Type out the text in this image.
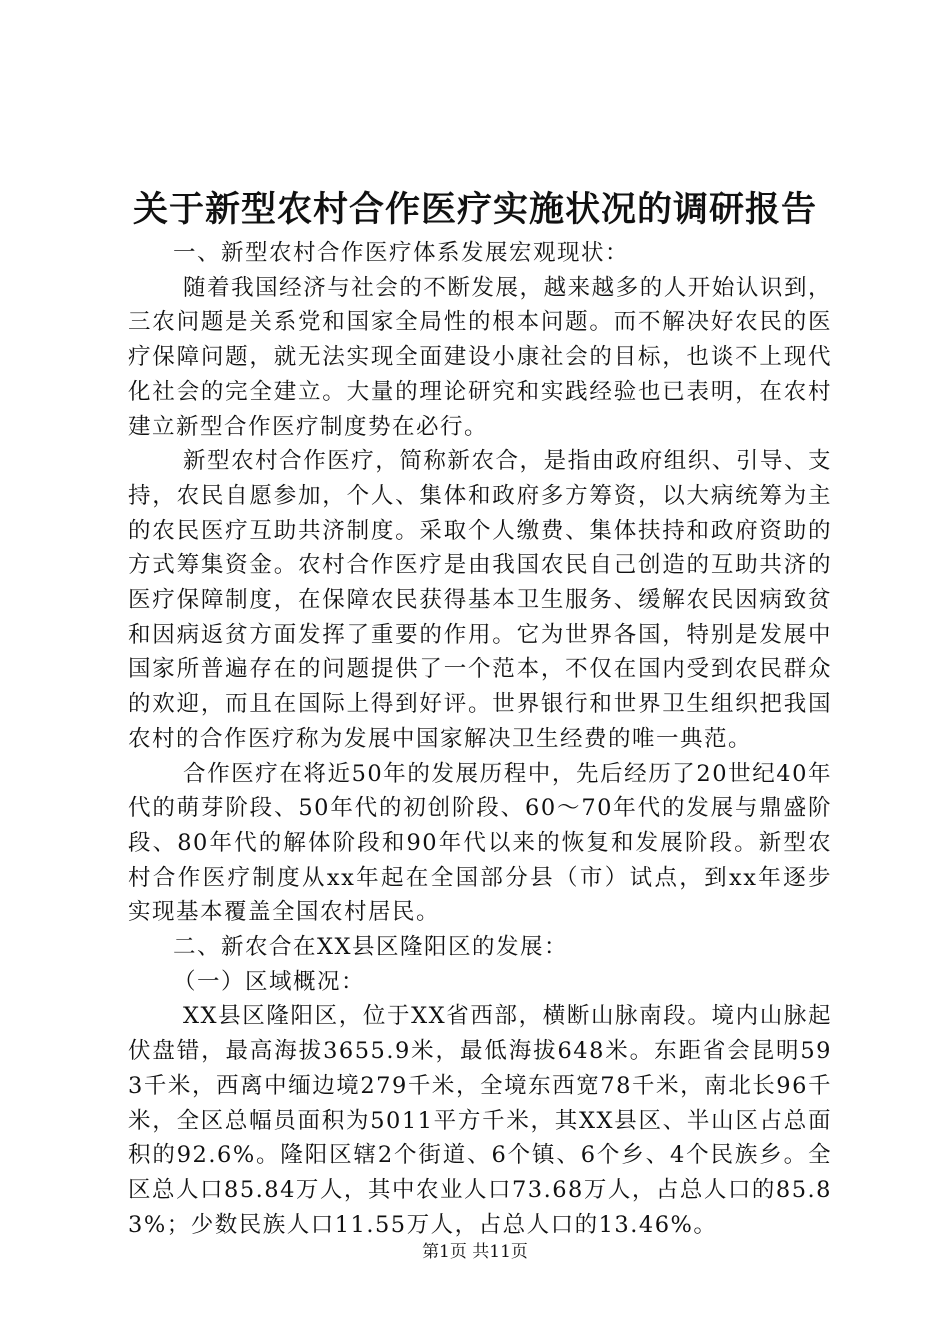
关于新型农村合作医疗实施状况的调研报告

一、新型农村合作医疗体系发展宏观现状：

随着我国经济与社会的不断发展，越来越多的人开始认识到，三农问题是关系党和国家全局性的根本问题。而不解决好农民的医疗保障问题，就无法实现全面建设小康社会的目标，也谈不上现代化社会的完全建立。大量的理论研究和实践经验也已表明，在农村建立新型合作医疗制度势在必行。

新型农村合作医疗，简称新农合，是指由政府组织、引导、支持，农民自愿参加，个人、集体和政府多方筹资，以大病统筹为主的农民医疗互助共济制度。采取个人缴费、集体扶持和政府资助的方式筹集资金。农村合作医疗是由我国农民自己创造的互助共济的医疗保障制度，在保障农民获得基本卫生服务、缓解农民因病致贫和因病返贫方面发挥了重要的作用。它为世界各国，特别是发展中国家所普遍存在的问题提供了一个范本，不仅在国内受到农民群众的欢迎，而且在国际上得到好评。世界银行和世界卫生组织把我国农村的合作医疗称为发展中国家解决卫生经费的唯一典范。

合作医疗在将近50年的发展历程中，先后经历了20世纪40年代的萌芽阶段、50年代的初创阶段、60～70年代的发展与鼎盛阶段、80年代的解体阶段和90年代以来的恢复和发展阶段。新型农村合作医疗制度从xx年起在全国部分县（市）试点，到xx年逐步实现基本覆盖全国农村居民。

二、新农合在XX县区隆阳区的发展：

（一）区域概况：

XX县区隆阳区，位于XX省西部，横断山脉南段。境内山脉起伏盘错，最高海拔3655.9米，最低海拔648米。东距省会昆明593千米，西离中缅边境279千米，全境东西宽78千米，南北长96千米，全区总幅员面积为5011平方千米，其XX县区、半山区占总面积的92.6%。隆阳区辖2个街道、6个镇、6个乡、4个民族乡。全区总人口85.84万人，其中农业人口73.68万人，占总人口的85.83%；少数民族人口11.55万人，占总人口的13.46%。

第1页 共11页
